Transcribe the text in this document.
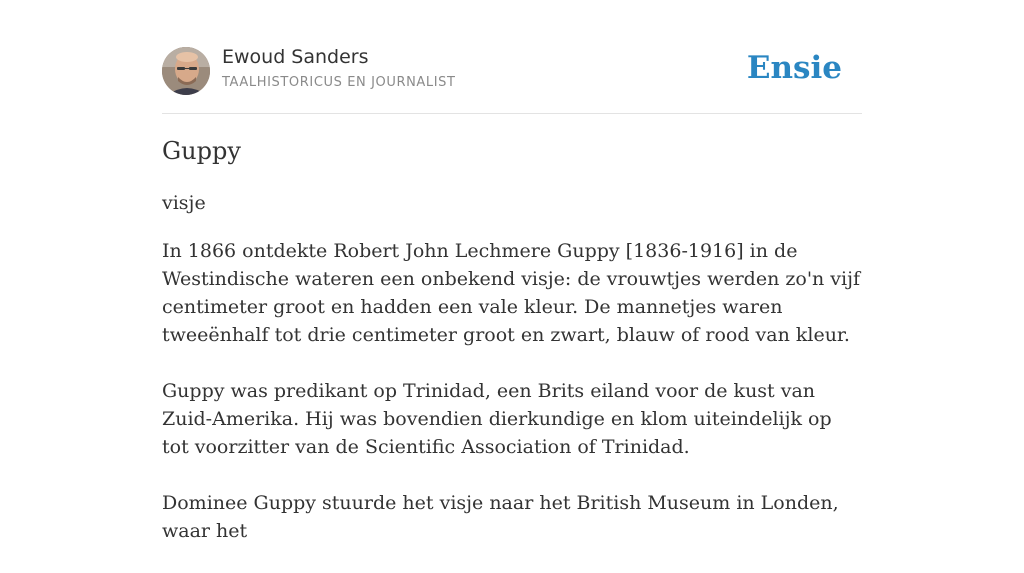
Ewoud Sanders
TAALHISTORICUS EN JOURNALIST	Ensie
Guppy
visje

In 1866 ontdekte Robert John Lechmere Guppy [1836-1916] in de Westindische wateren een onbekend visje: de vrouwtjes werden zo'n vijf centimeter groot en hadden een vale kleur. De mannetjes waren tweeënhalf tot drie centimeter groot en zwart, blauw of rood van kleur.

Guppy was predikant op Trinidad, een Brits eiland voor de kust van Zuid-Amerika. Hij was bovendien dierkundige en klom uiteindelijk op tot voorzitter van de Scientific Association of Trinidad.

Dominee Guppy stuurde het visje naar het British Museum in Londen, waar het
